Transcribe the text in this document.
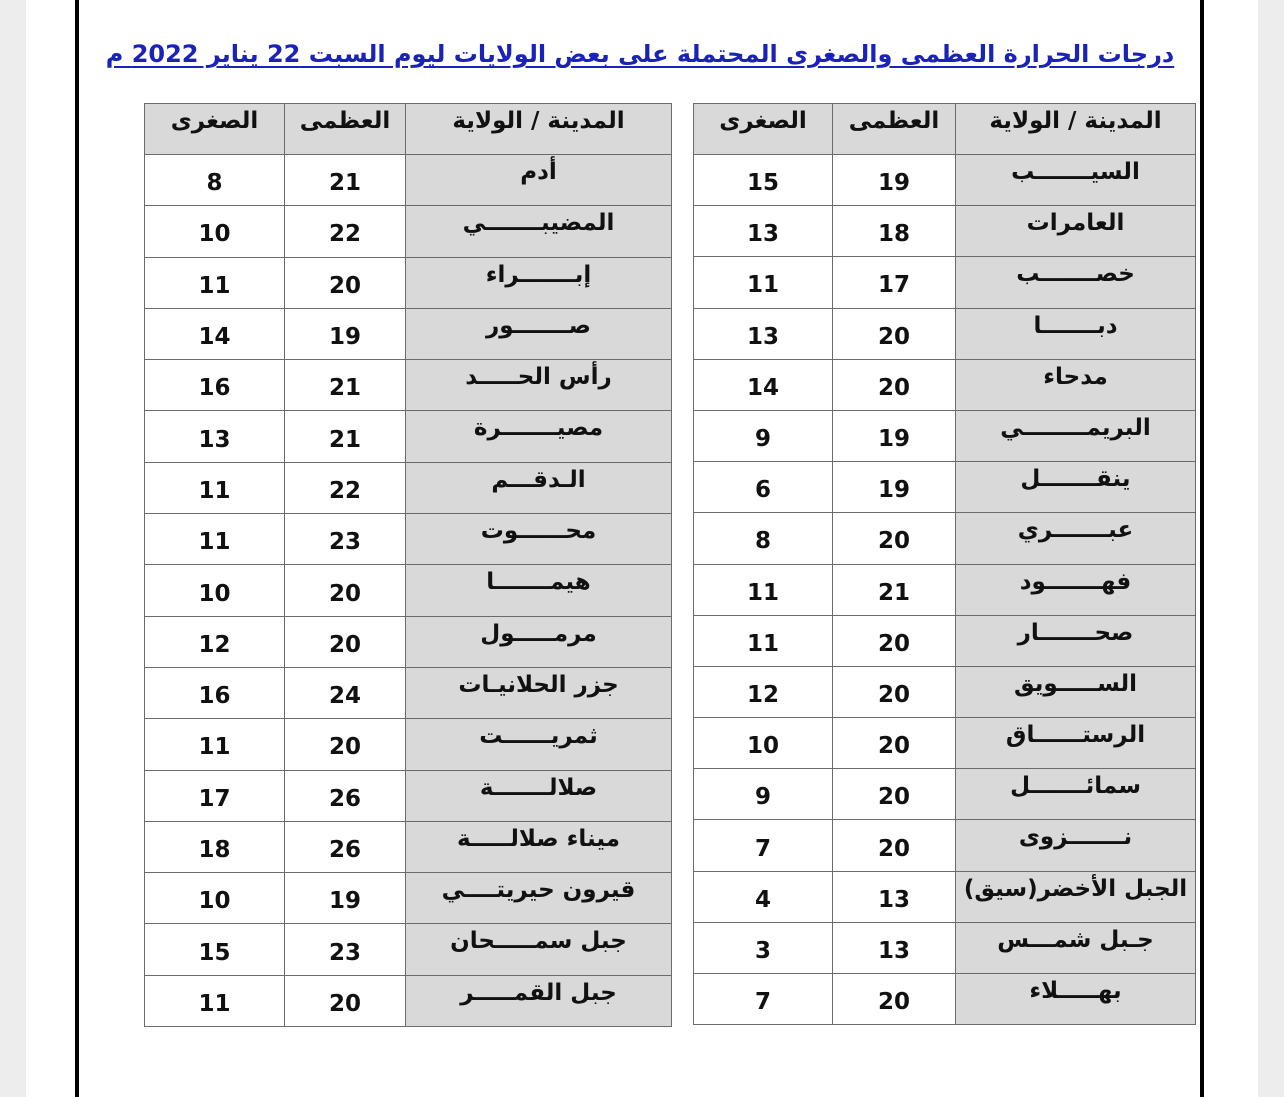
درجات الحرارة العظمى والصغرى المحتملة على بعض الولايات ليوم السبت 22 يناير 2022 م
المدينة / الولاية	العظمى	الصغرى
السيـــــــب	19	15
العامرات	18	13
خصـــــــب	17	11
دبـــــــا	20	13
مدحاء	20	14
البريمــــــــي	19	9
ينقـــــــل	19	6
عبـــــــري	20	8
فهـــــــود	21	11
صحـــــــار	20	11
الســـــويق	20	12
الرستــــــاق	20	10
سمائـــــــل	20	9
نـــــــزوى	20	7
الجبل الأخضر(سيق)	13	4
جـبل شمـــس	13	3
بهـــــلاء	20	7
المدينة / الولاية	العظمى	الصغرى
أدم	21	8
المضيبـــــــي	22	10
إبـــــــراء	20	11
صـــــــور	19	14
رأس الحـــــد	21	16
مصيـــــــرة	21	13
الـدقـــم	22	11
محــــــوت	23	11
هيمـــــــا	20	10
مرمـــــول	20	12
جزر الحلانيـات	24	16
ثمريــــــت	20	11
صلالـــــــة	26	17
ميناء صلالـــــة	26	18
قيرون حيريتــــي	19	10
جبل سمـــــحان	23	15
جبل القمـــــر	20	11
